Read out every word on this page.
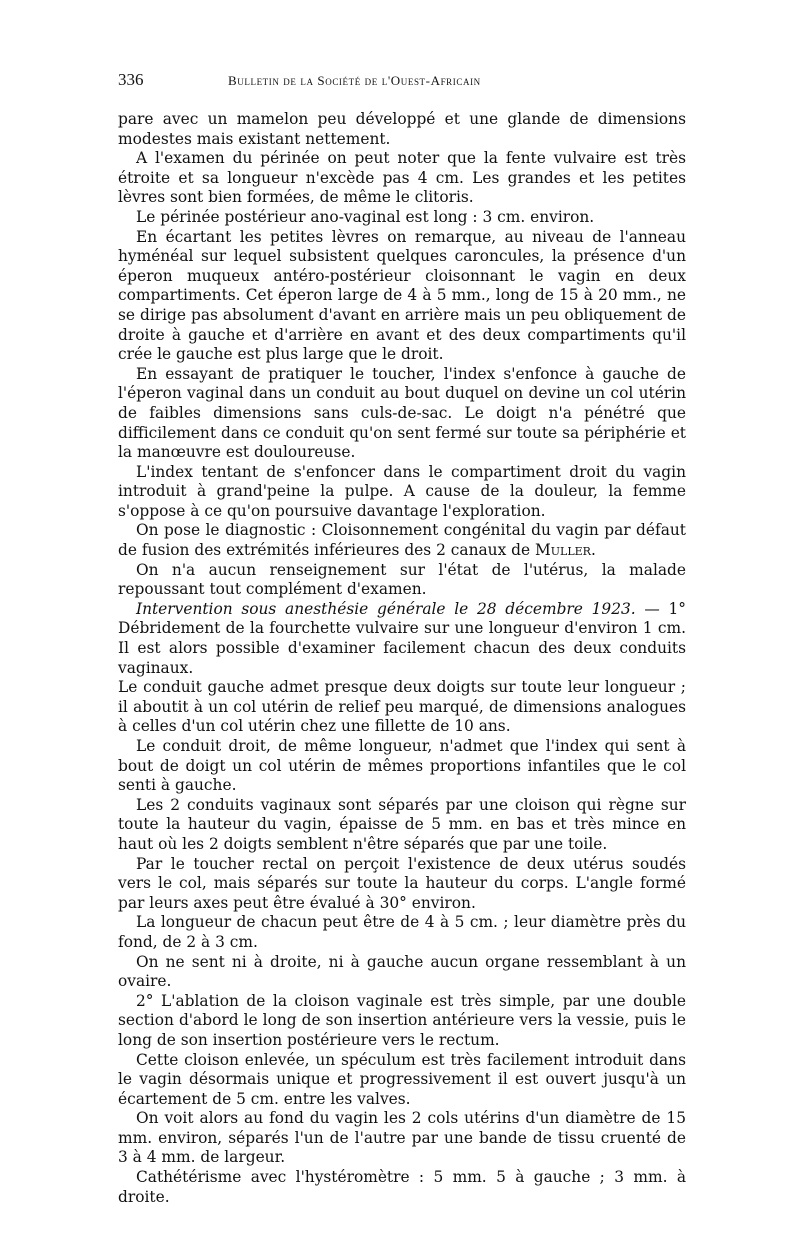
336	Bulletin de la Société de l'Ouest-Africain

pare avec un mamelon peu développé et une glande de dimensions modestes mais existant nettement.

A l'examen du périnée on peut noter que la fente vulvaire est très étroite et sa longueur n'excède pas 4 cm. Les grandes et les petites lèvres sont bien formées, de même le clitoris.

Le périnée postérieur ano-vaginal est long : 3 cm. environ.

En écartant les petites lèvres on remarque, au niveau de l'anneau hyménéal sur lequel subsistent quelques caroncules, la présence d'un éperon muqueux antéro-postérieur cloisonnant le vagin en deux compartiments. Cet éperon large de 4 à 5 mm., long de 15 à 20 mm., ne se dirige pas absolument d'avant en arrière mais un peu obliquement de droite à gauche et d'arrière en avant et des deux compartiments qu'il crée le gauche est plus large que le droit.

En essayant de pratiquer le toucher, l'index s'enfonce à gauche de l'éperon vaginal dans un conduit au bout duquel on devine un col utérin de faibles dimensions sans culs-de-sac. Le doigt n'a pénétré que difficilement dans ce conduit qu'on sent fermé sur toute sa périphérie et la manœuvre est douloureuse.

L'index tentant de s'enfoncer dans le compartiment droit du vagin introduit à grand'peine la pulpe. A cause de la douleur, la femme s'oppose à ce qu'on poursuive davantage l'exploration.

On pose le diagnostic : Cloisonnement congénital du vagin par défaut de fusion des extrémités inférieures des 2 canaux de Muller.

On n'a aucun renseignement sur l'état de l'utérus, la malade repoussant tout complément d'examen.

Intervention sous anesthésie générale le 28 décembre 1923. — 1° Débridement de la fourchette vulvaire sur une longueur d'environ 1 cm. Il est alors possible d'examiner facilement chacun des deux conduits vaginaux.

Le conduit gauche admet presque deux doigts sur toute leur longueur ; il aboutit à un col utérin de relief peu marqué, de dimensions analogues à celles d'un col utérin chez une fillette de 10 ans.

Le conduit droit, de même longueur, n'admet que l'index qui sent à bout de doigt un col utérin de mêmes proportions infantiles que le col senti à gauche.

Les 2 conduits vaginaux sont séparés par une cloison qui règne sur toute la hauteur du vagin, épaisse de 5 mm. en bas et très mince en haut où les 2 doigts semblent n'être séparés que par une toile.

Par le toucher rectal on perçoit l'existence de deux utérus soudés vers le col, mais séparés sur toute la hauteur du corps. L'angle formé par leurs axes peut être évalué à 30° environ.

La longueur de chacun peut être de 4 à 5 cm. ; leur diamètre près du fond, de 2 à 3 cm.

On ne sent ni à droite, ni à gauche aucun organe ressemblant à un ovaire.

2° L'ablation de la cloison vaginale est très simple, par une double section d'abord le long de son insertion antérieure vers la vessie, puis le long de son insertion postérieure vers le rectum.

Cette cloison enlevée, un spéculum est très facilement introduit dans le vagin désormais unique et progressivement il est ouvert jusqu'à un écartement de 5 cm. entre les valves.

On voit alors au fond du vagin les 2 cols utérins d'un diamètre de 15 mm. environ, séparés l'un de l'autre par une bande de tissu cruenté de 3 à 4 mm. de largeur.

Cathétérisme avec l'hystéromètre : 5 mm. 5 à gauche ; 3 mm. à droite.
